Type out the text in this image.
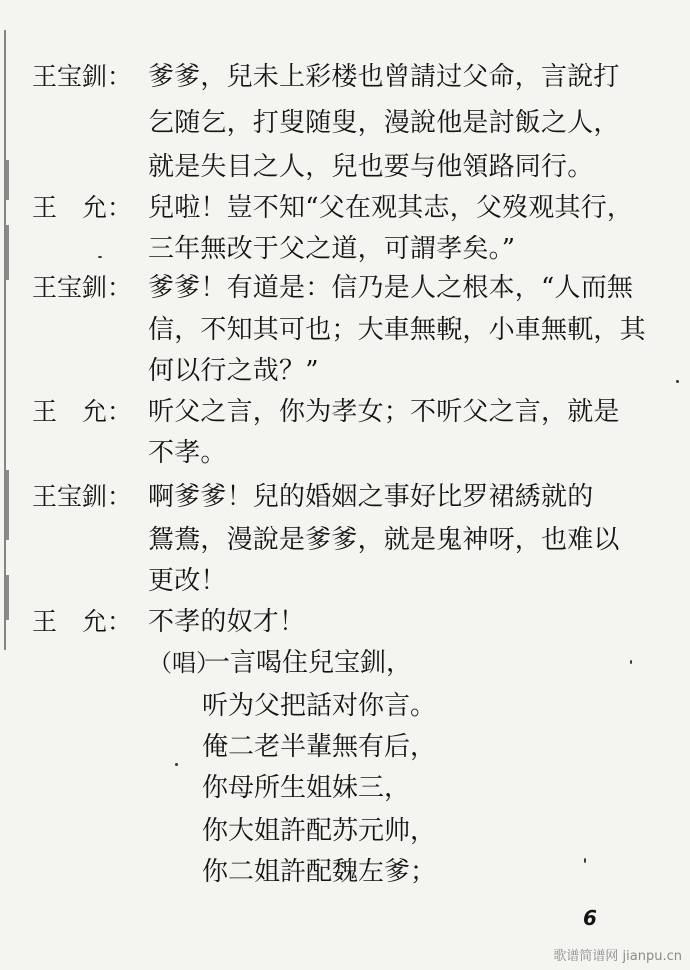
王宝釧： 爹爹，兒未上彩楼也曾請过父命，言說打
乞随乞，打叟随叟，漫說他是討飯之人，
就是失目之人，兒也要与他領路同行。
王　允： 兒啦！豈不知“父在观其志，父歿观其行，
三年無改于父之道，可謂孝矣。”
王宝釧： 爹爹！有道是：信乃是人之根本，“人而無
信，不知其可也；大車無輗，小車無軏，其
何以行之哉？”
王　允： 听父之言，你为孝女；不听父之言，就是
不孝。
王宝釧： 啊爹爹！兒的婚姻之事好比罗裙綉就的
鴛鴦，漫說是爹爹，就是鬼神呀，也难以
更改！
王　允： 不孝的奴才！
（唱）
一言喝住兒宝釧，
听为父把話对你言。
俺二老半輩無有后，
你母所生姐妹三，
你大姐許配苏元帅，
你二姐許配魏左爹；
6
歌谱简谱网 jianpu.cn
